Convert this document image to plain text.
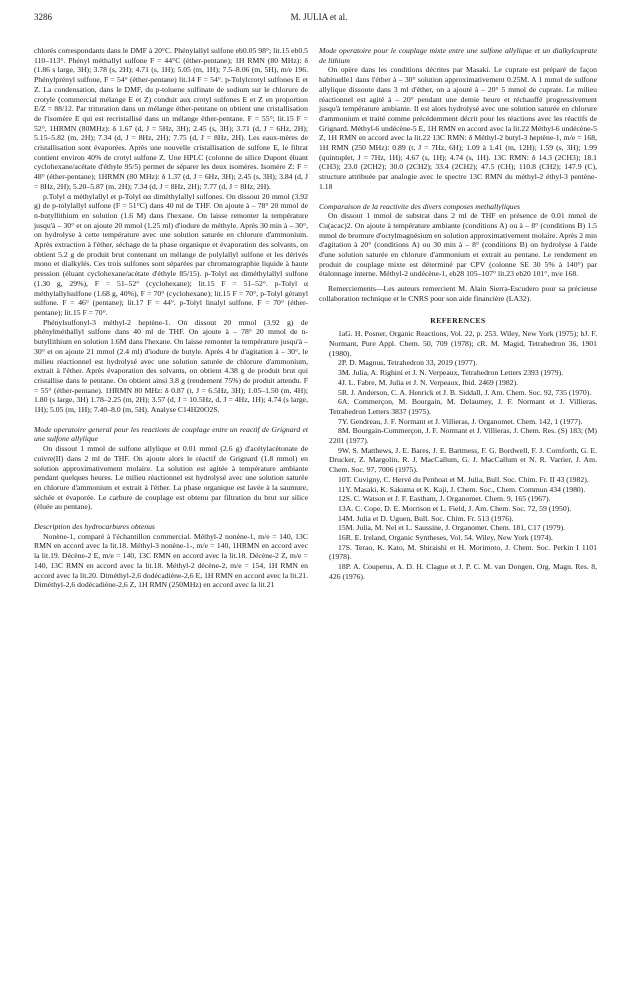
3286	M. JULIA et al.

chlorés correspondants dans le DMF à 20°C. Phénylallyl sulfone eb0.05 98°; lit.15 eb0.5 110–113°. Phényl méthallyl sulfone F = 44°C (éther-pentane); 1H RMN (80 MHz): δ (1.86 s large, 3H); 3.78 (s, 2H); 4.71 (s, 1H); 5.05 (m, 1H); 7.5–8.06 (m, 5H), m/e 196. Phénylprényl sulfone, F = 54° (éther-pentane) lit.14 F = 54°. p-Tolylcrotyl sulfones E et Z. La condensation, dans le DMF, du p-toluene sulfinate de sodium sur le chlorure de crotyle (commercial mélange E et Z) conduit aux crotyl sulfones E et Z en proportion E/Z = 88/12. Par trituration dans un mélange éther-pentane on obtient une cristallisation de l'isomère E qui est recristallisé dans un mélange éther-pentane. F = 55°; lit.15 F = 52°, 1HRMN (80MHz): δ 1.67 (d, J = 5Hz, 3H); 2.45 (s, 3H); 3.71 (d, J = 6Hz, 2H); 5.15–5.82 (m, 2H); 7.34 (d, J = 8Hz, 2H); 7.75 (d, J = 8Hz, 2H). Les eaux-mères de cristallisation sont évaporées. Après une nouvelle cristallisation de sulfone E, le filtrat contient environ 40% de crotyl sulfone Z. Une HPLC (colonne de silice Dupont éluant cyclohexane/acétate d'éthyle 95/5) permet de séparer les deux isomères. Isomère Z: F = 48° (éther-pentane); 1HRMN (80 MHz): δ 1.37 (d, J = 6Hz, 3H); 2.45 (s, 3H); 3.84 (d, J = 8Hz, 2H); 5.20–5.87 (m, 2H); 7.34 (d, J = 8Hz, 2H); 7.77 (d, J = 8Hz, 2H).

p.Tolyl α méthylallyl et p-Tolyl αα diméthylallyl sulfones. On dissout 20 mmol (3.92 g) de p-tolylallyl sulfone (F = 51°C) dans 40 ml de THF. On ajoute à – 78° 20 mmol de n-butyllithium en solution (1.6 M) dans l'hexane. On laisse remonter la température jusqu'à – 30° et on ajoute 20 mmol (1.25 ml) d'iodure de méthyle. Après 30 min à – 30°, on hydrolyse à cette température avec une solution saturée en chlorure d'ammonium. Après extraction à l'éther, séchage de la phase organique et évaporation des solvants, on obtient 5.2 g de produit brut contenant un mélange de polylallyl sulfone et les dérivés mono et dialkylés. Ces trois sulfones sont séparées par chromatographie liquide à haute pression (éluant cyclohexane/acétate d'éthyle 85/15). p-Tolyl αα diméthylallyl sulfone (1.30 g, 29%), F = 51–52° (cyclohexane); lit.15 F = 51–52°. p-Tolyl α méthylallylsulfone (1.68 g, 40%), F = 70° (cyclohexane); lit.15 F = 70°, p-Tolyl géranyl sulfone. F = 46° (pentane); lit.17 F = 44°. p-Tolyl linalyl sulfone. F = 70° (éther-pentane); lit.15 F = 70°.

Phénylsulfonyl-3 méthyl-2 heptène-1. On dissout 20 mmol (3.92 g) de phénylméthallyl sulfone dans 40 ml de THF. On ajoute à – 78° 20 mmol de n-butyllithium en solution 1.6M dans l'hexane. On laisse remonter la température jusqu'à – 30° et on ajoute 21 mmol (2.4 ml) d'iodure de butyle. Après 4 hr d'agitation à – 30°, le milieu réactionnel est hydrolysé avec une solution saturée de chlorure d'ammonium, extrait à l'éther. Après évaporation des solvants, on obtient 4.38 g de produit brut qui cristallise dans le pentane. On obtient ainsi 3.8 g (rendement 75%) de produit attendu. F = 55° (éther-pentane). 1HRMN 80 MHz: δ 0.87 (t, J = 6.5Hz, 3H); 1.05–1.50 (m, 4H); 1.80 (s large, 3H) 1.78–2.25 (m, 2H); 3.57 (d, J = 10.5Hz, d, J = 4Hz, 1H); 4.74 (s large, 1H); 5.05 (m, 1H); 7.40–8.0 (m, 5H). Analyse C14H20O2S.

Mode operatoire general pour les reactions de couplage entre un reactif de Grignard et une sulfone allylique

On dissout 1 mmol de sulfone allylique et 0.01 mmol (2.6 g) d'acétylacétonate de cuivre(II) dans 2 ml de THF. On ajoute alors le réactif de Grignard (1.8 mmol) en solution approximativement molaire. La solution est agitée à température ambiante pendant quelques heures. Le milieu réactionnel est hydrolysé avec une solution saturée en chlorure d'ammonium et extrait à l'éther. La phase organique est lavée à la saumure, séchée et évaporée. Le carbure de couplage est obtenu par filtration du brut sur silice (éluée au pentane).

Description des hydrocarbures obtenus

Nonène-1, comparé à l'échantillon commercial. Méthyl-2 nonène-1, m/e = 140, 13C RMN en accord avec la lit.18. Méthyl-3 nonène-1-, m/e = 140, 1HRMN en accord avec la lit.19. Décène-2 E, m/e = 140, 13C RMN en accord avec la lit.18. Décène-2 Z, m/e = 140, 13C RMN en accord avec la lit.18. Méthyl-2 décène-2, m/e = 154, 1H RMN en accord avec la lit.20. Diméthyl-2,6 dodécadiène-2,6 E, 1H RMN en accord avec la lit.21. Diméthyl-2,6 dodécadiène-2,6 Z, 1H RMN (250MHz) en accord avec la lit.21

Mode operatoire pour le couplage mixte entre une sulfone allylique et un dialkylcuprate de lithium

On opère dans les conditions décrites par Masaki. Le cuprate est préparé de façon habituelle1 dans l'éther à – 30° solution approximativement 0.25M. A 1 mmol de sulfone allylique dissoute dans 3 ml d'éther, on a ajouté à – 20° 5 mmol de cuprate. Le milieu réactionnel est agité à – 20° pendant une demie heure et réchauffé progressivement jusqu'à température ambiante. Il est alors hydrolysé avec une solution saturée en chlorure d'ammonium et traité comme précédemment décrit pour les réactions avec les réactifs de Grignard. Méthyl-6 undécène-5 E, 1H RMN en accord avec la lit.22 Méthyl-6 undécène-5 Z, 1H RMN en accord avec la lit.22 13C RMN: δ Méthyl-2 butyl-3 heptène-1, m/e = 168, 1H RMN (250 MHz): 0.89 (t, J = 7Hz, 6H); 1.09 à 1.41 (m, 12H); 1.59 (s, 3H); 1.99 (quintuplet, J = 7Hz, 1H); 4.67 (s, 1H); 4.74 (s, 1H). 13C RMN: δ 14.3 (2CH3); 18.1 (CH3); 23.0 (2CH2); 30.0 (2CH2); 33.4 (2CH2); 47.5 (CH); 110.8 (CH2); 147.9 (C), structure attribuée par analogie avec le spectre 13C RMN du méthyl-2 éthyl-3 pentène-1.18

Comparaison de la reactivite des divers composes methallyliques

On dissout 1 mmol de substrat dans 2 ml de THF en présence de 0.01 mmol de Cu(acac)2. On ajoute à température ambiante (conditions A) ou à – 8° (conditions B) 1.5 mmol de bromure d'octylmagnésium en solution approximativement molaire. Après 2 min d'agitation à 20° (conditions A) ou 30 min à – 8° (conditions B) on hydrolyse à l'aide d'une solution saturée en chlorure d'ammonium et extrait au pentane. Le rendement en produit de couplage mixte est déterminé par CPV (colonne SE 30 5% à 140°) par étalonnage interne. Méthyl-2 undécène-1, eb28 105–107° lit.23 eb20 101°, m/e 168.

Remerciements—Les auteurs remercient M. Alain Sierra-Escudero pour sa précieuse collaboration technique et le CNRS pour son aide financière (LA32).

REFERENCES

1aG. H. Posner, Organic Reactions, Vol. 22, p. 253. Wiley, New York (1975); bJ. F. Normant, Pure Appl. Chem. 50, 709 (1978); cR. M. Magid, Tetrahedron 36, 1901 (1980).

2P. D. Magnus, Tetrahedron 33, 2019 (1977).

3M. Julia, A. Righini et J. N. Verpeaux, Tetrahedron Letters 2393 (1979).

4J. L. Fabre, M. Julia et J. N. Verpeaux, Ibid. 2469 (1982).

5R. J. Anderson, C. A. Henrick et J. B. Siddall, J. Am. Chem. Soc. 92, 735 (1970).

6A. Commerçon, M. Bourgain, M. Delaumey, J. F. Normant et J. Villieras, Tetrahedron Letters 3837 (1975).

7Y. Gendreau, J. F. Normant et J. Villieras, J. Organomet. Chem. 142, 1 (1977).

8M. Bourgain-Commerçon, J. F. Normant et J. Villieras, J. Chem. Res. (S) 183; (M) 2201 (1977).

9W. S. Matthews, J. E. Bares, J. E. Bartmess, F. G. Bordwell, F. J. Cornforth, G. E. Drucker, Z. Margolin, R. J. MacCallum, G. J. MacCallum et N. R. Varrier, J. Am. Chem. Soc. 97, 7006 (1975).

10T. Cuvigny, C. Hervé du Penhoat et M. Julia, Bull. Soc. Chim. Fr. II 43 (1982).

11Y. Masaki, K. Sakuma et K. Kaji, J. Chem. Soc., Chem. Commun 434 (1980).

12S. C. Watson et J. F. Eastham, J. Organomet. Chem. 9, 165 (1967).

13A. C. Cope, D. E. Morrison et L. Field, J. Am. Chem. Soc. 72, 59 (1950).

14M. Julia et D. Uguen, Bull. Soc. Chim. Fr. 513 (1976).

15M. Julia, M. Nel et L. Saussine, J. Organomet. Chem. 181, C17 (1979).

16R. E. Ireland, Organic Syntheses, Vol. 54. Wiley, New York (1974).

17S. Terao, K. Kato, M. Shiraishi et H. Morimoto, J. Chem. Soc. Perkin I 1101 (1978).

18P. A. Couperus, A. D. H. Clague et J. P. C. M. van Dongen, Org. Magn. Res. 8, 426 (1976).
